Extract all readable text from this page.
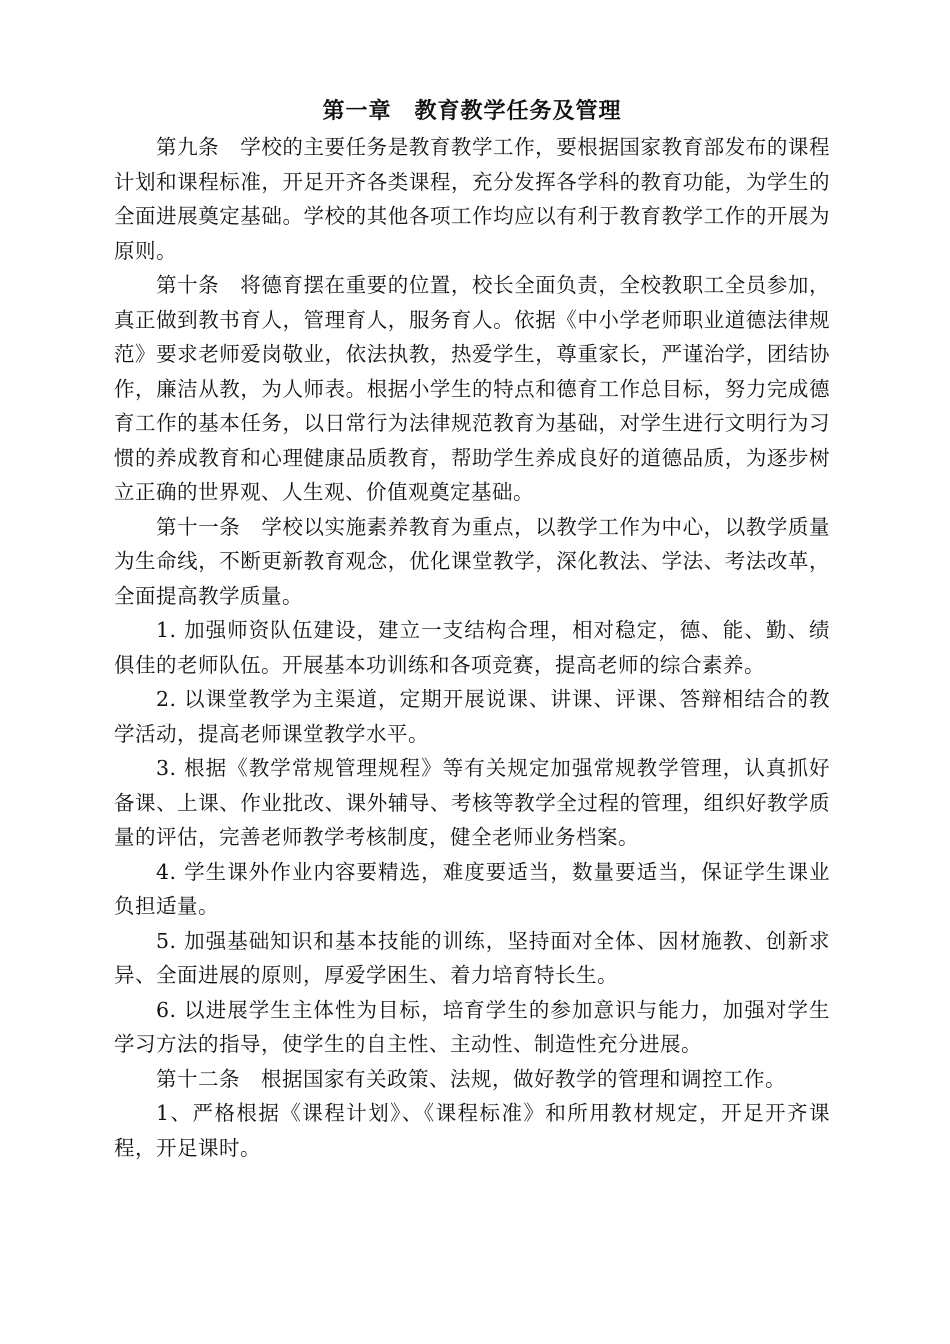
第一章　教育教学任务及管理

第九条　学校的主要任务是教育教学工作，要根据国家教育部发布的课程计划和课程标准，开足开齐各类课程，充分发挥各学科的教育功能，为学生的全面进展奠定基础。学校的其他各项工作均应以有利于教育教学工作的开展为原则。

第十条　将德育摆在重要的位置，校长全面负责，全校教职工全员参加，真正做到教书育人，管理育人，服务育人。依据《中小学老师职业道德法律规范》要求老师爱岗敬业，依法执教，热爱学生，尊重家长，严谨治学，团结协作，廉洁从教，为人师表。根据小学生的特点和德育工作总目标，努力完成德育工作的基本任务，以日常行为法律规范教育为基础，对学生进行文明行为习惯的养成教育和心理健康品质教育，帮助学生养成良好的道德品质，为逐步树立正确的世界观、人生观、价值观奠定基础。

第十一条　学校以实施素养教育为重点，以教学工作为中心，以教学质量为生命线，不断更新教育观念，优化课堂教学，深化教法、学法、考法改革，全面提高教学质量。

1. 加强师资队伍建设，建立一支结构合理，相对稳定，德、能、勤、绩俱佳的老师队伍。开展基本功训练和各项竞赛，提高老师的综合素养。

2. 以课堂教学为主渠道，定期开展说课、讲课、评课、答辩相结合的教学活动，提高老师课堂教学水平。

3. 根据《教学常规管理规程》等有关规定加强常规教学管理，认真抓好备课、上课、作业批改、课外辅导、考核等教学全过程的管理，组织好教学质量的评估，完善老师教学考核制度，健全老师业务档案。

4. 学生课外作业内容要精选，难度要适当，数量要适当，保证学生课业负担适量。

5. 加强基础知识和基本技能的训练，坚持面对全体、因材施教、创新求异、全面进展的原则，厚爱学困生、着力培育特长生。

6. 以进展学生主体性为目标，培育学生的参加意识与能力，加强对学生学习方法的指导，使学生的自主性、主动性、制造性充分进展。

第十二条　根据国家有关政策、法规，做好教学的管理和调控工作。

1、严格根据《课程计划》、《课程标准》和所用教材规定，开足开齐课程，开足课时。
